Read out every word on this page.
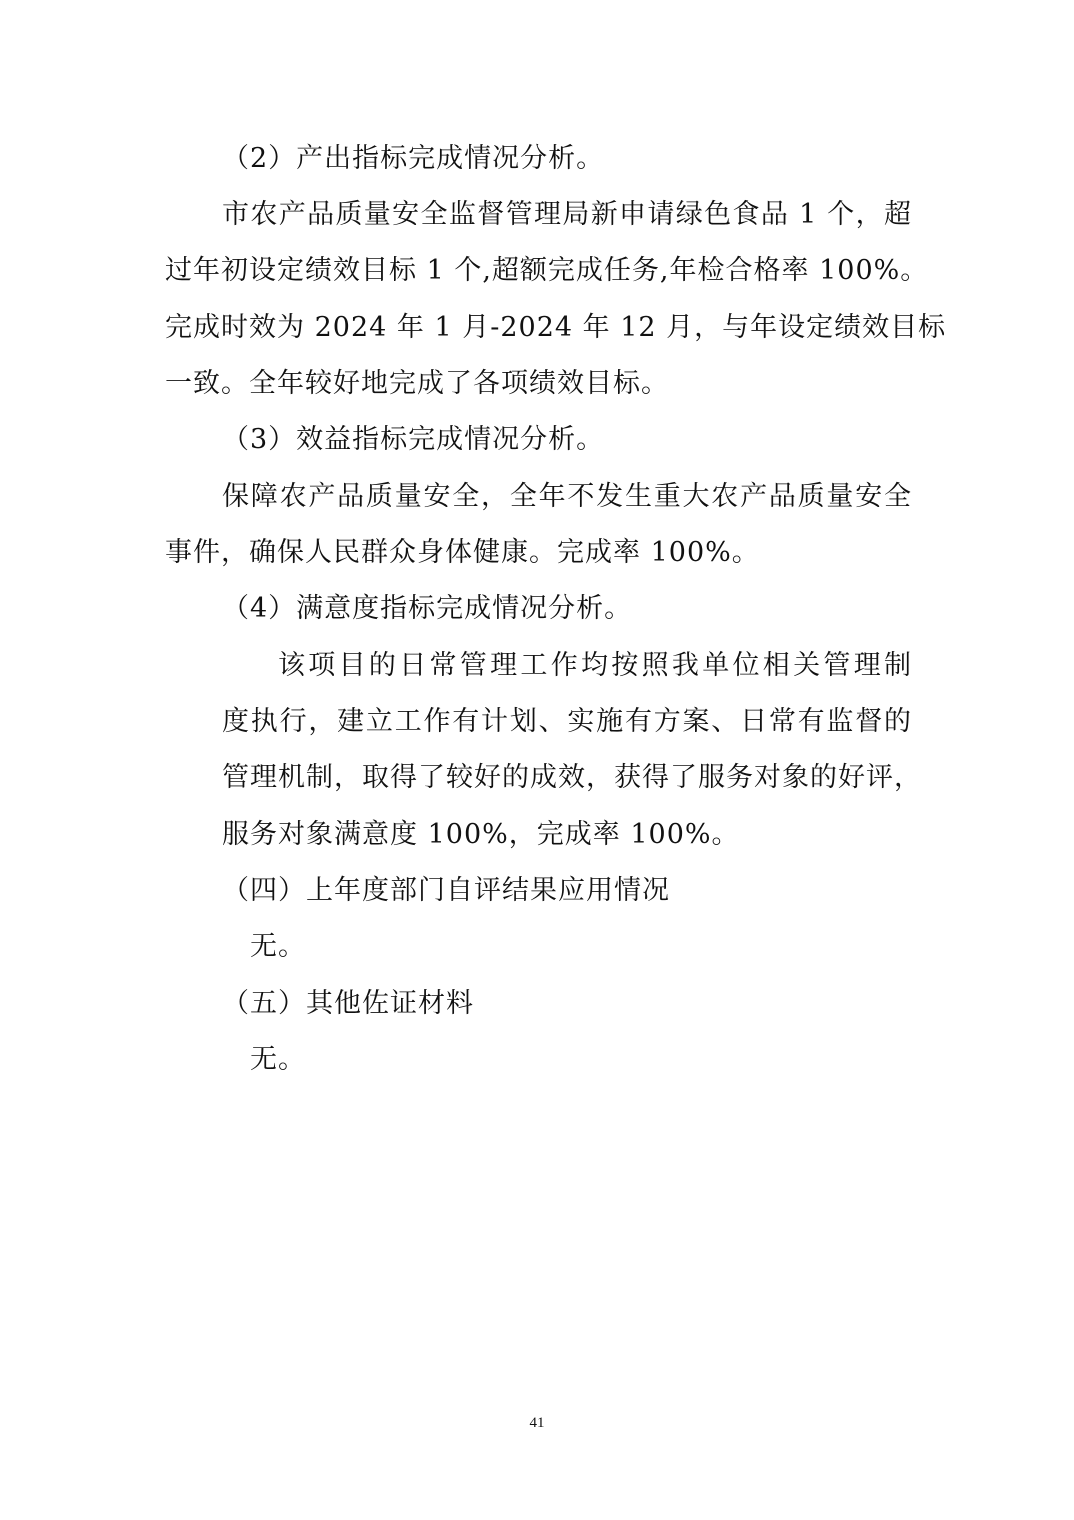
（2）产出指标完成情况分析。
市农产品质量安全监督管理局新申请绿色食品 1 个，超
过年初设定绩效目标 1 个,超额完成任务,年检合格率 100%。
完成时效为 2024 年 1 月-2024 年 12 月，与年设定绩效目标
一致。全年较好地完成了各项绩效目标。
（3）效益指标完成情况分析。
保障农产品质量安全，全年不发生重大农产品质量安全
事件，确保人民群众身体健康。完成率 100%。
（4）满意度指标完成情况分析。
该项目的日常管理工作均按照我单位相关管理制
度执行，建立工作有计划、实施有方案、日常有监督的
管理机制，取得了较好的成效，获得了服务对象的好评，
服务对象满意度 100%，完成率 100%。
（四）上年度部门自评结果应用情况
无。
（五）其他佐证材料
无。
41
